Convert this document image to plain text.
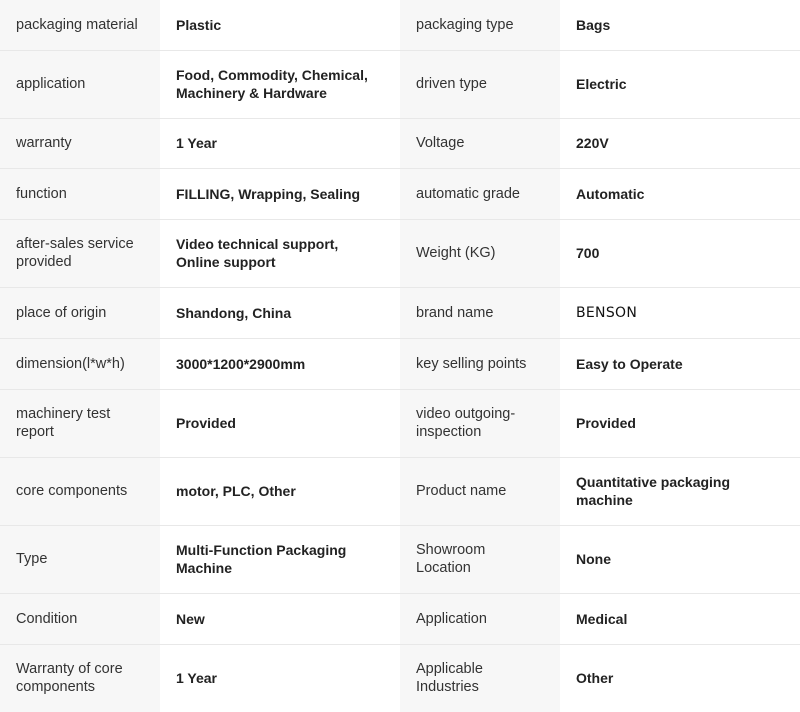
packaging material	Plastic	packaging type	Bags
application	Food, Commodity, Chemical, Machinery & Hardware	driven type	Electric
warranty	1 Year	Voltage	220V
function	FILLING, Wrapping, Sealing	automatic grade	Automatic
after-sales service provided	Video technical support, Online support	Weight (KG)	700
place of origin	Shandong, China	brand name	BENSON
dimension(l*w*h)	3000*1200*2900mm	key selling points	Easy to Operate
machinery test report	Provided	video outgoing-inspection	Provided
core components	motor, PLC, Other	Product name	Quantitative packaging machine
Type	Multi-Function Packaging Machine	Showroom Location	None
Condition	New	Application	Medical
Warranty of core components	1 Year	Applicable Industries	Other
